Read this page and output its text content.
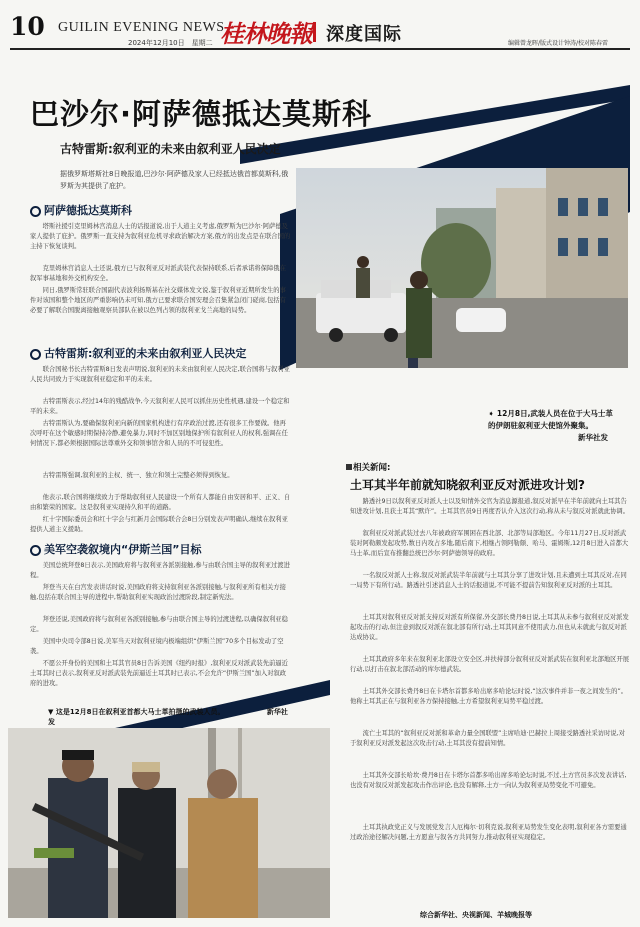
10 GUILIN EVENING NEWS
2024年12月10日　星期二 桂林晚報 深度国际	编辑曾龙晖/版式设计钟涛/校对陈春雷
巴沙尔·阿萨德抵达莫斯科
古特雷斯:叙利亚的未来由叙利亚人民决定
据俄罗斯塔斯社8日晚报道,巴沙尔·阿萨德及家人已经抵达俄首都莫斯科,俄罗斯为其提供了庇护。
阿萨德抵达莫斯科

塔斯社援引克里姆林宫消息人士的话报道说,出于人道主义考虑,俄罗斯为巴沙尔·阿萨德及家人提供了庇护。俄罗斯一直支持为叙利亚危机寻求政治解决方案,俄方的出发点是在联合国的主持下恢复谈判。

克里姆林宫消息人士还说,俄方已与叙利亚反对派武装代表保持联系,后者承诺将保障俄在叙军事基地和外交机构安全。

同日,俄罗斯常驻联合国副代表波利扬斯基在社交媒体发文说,鉴于叙利亚近期所发生的事件对该国和整个地区的严重影响仍未可知,俄方已要求联合国安理会召集紧急闭门磋商,包括有必要了解联合国脱离接触观察员部队在被以色列占领的叙利亚戈兰高地的局势。

古特雷斯:叙利亚的未来由叙利亚人民决定

联合国秘书长古特雷斯8日发表声明说,叙利亚的未来由叙利亚人民决定,联合国将与叙利亚人民共同致力于实现叙利亚稳定和平的未来。

古特雷斯表示,经过14年的残酷战争,今天叙利亚人民可以抓住历史性机遇,建设一个稳定和平的未来。

古特雷斯认为,要确保叙利亚向新的国家机构进行有序政治过渡,还有很多工作要做。他再次呼吁在这个敏感时期保持冷静,避免暴力,同时不加区别地保护所有叙利亚人的权利,强调在任何情况下,都必须根据国际法尊重外交和领事馆舍和人员的不可侵犯性。

古特雷斯强调,叙利亚的主权、统一、独立和领土完整必须得到恢复。

他表示,联合国将继续致力于帮助叙利亚人民建设一个所有人都能自由安居和平、正义、自由和繁荣的国家。这是叙利亚实现持久和平的道路。

红十字国际委员会和红十字会与红新月会国际联合会8日分别发表声明确认,继续在叙利亚提供人道主义援助。

美军空袭叙境内“伊斯兰国”目标

美国总统拜登8日表示,美国政府将与叙利亚各派别接触,参与由联合国主导的叙利亚过渡进程。

拜登当天在白宫发表讲话时说,美国政府将支持叙利亚各派别接触,与叙利亚所有相关方接触,包括在联合国主导的进程中,帮助叙利亚实现政治过渡阶段,制定新宪法。

拜登还说,美国政府将与叙利亚各派别接触,参与由联合国主导的过渡进程,以确保叙利亚稳定。

美国中央司令部8日说,美军当天对叙利亚境内极端组织“伊斯兰国”70多个目标发动了空袭。

不愿公开身份的美国和土耳其官员8日告诉美国《纽约时报》,叙利亚反对派武装先前逼近土耳其时已表示,叙利亚反对派武装先前逼近土耳其时已表示,不会允许“伊斯兰国”加入对叙政府的进攻。

➧ 12月8日,武装人员在位于大马士革的伊朗驻叙利亚大使馆外聚集。
新华社发
▼ 这是12月8日在叙利亚首都大马士革拍摄的武装人员。	新华社发
相关新闻:
土耳其半年前就知晓叙利亚反对派进攻计划?

路透社9日以叙利亚反对派人士以及知情外交官为消息源报道,叙反对派早在半年前就向土耳其告知进攻计划,且获土耳其“默许”。土耳其官员9日再度否认介入这次行动,称从未与叙反对派就此协调。

叙利亚反对派武装过去八年被政府军围困在西北部、北部等局部地区。今年11月27日,反对派武装对阿勒颇发起攻势,数日内攻占多地,随后南下,相继占领阿勒颇、哈马、霍姆斯,12月8日进入首都大马士革,而后宣布推翻总统巴沙尔·阿萨德领导的政府。

一名叙反对派人士称,叙反对派武装半年前就与土耳其分享了进攻计划,且未遭到土耳其反对,在同一局势下有所行动。路透社引述消息人士的话报道说,不可能不提前告知叙利亚反对派的土耳其。

土耳其对叙利亚反对派支持反对派有所保留,外交部长费丹8日说,土耳其从未参与叙利亚反对派发起攻击的行动,但注意到叙反对派在叙北部有所行动,土耳其同意不使用武力,但也从未就此与叙反对派达成协议。

土耳其政府多年来在叙利亚北部设立安全区,并扶持部分叙利亚反对派武装在叙利亚北部地区开展行动,以打击在叙北部活动的库尔德武装。

土耳其外交部长费丹8日在卡塔尔首都多哈出席多哈论坛时说,“这次事件并非一夜之间发生的”。他称土耳其正在与叙利亚各方保持接触,土方希望叙利亚局势平稳过渡。

流亡土耳其的“叙利亚反对派和革命力量全国联盟”主席哈迪·巴赫拉上周接受路透社采访时说,对于叙利亚反对派发起这次攻击行动,土耳其没有提前知情。

土耳其外交部长哈坎·费丹8日在卡塔尔首都多哈出席多哈论坛时说,不过,土方官员多次发表讲话,也没有对叙反对派发起攻击作出评论,也没有解释,土方一向认为叙利亚局势变化不可避免。

土耳其执政党正义与发展党发言人厄梅尔·切利克说,叙利亚局势发生变化表明,叙利亚各方需要通过政治途径解决问题,土方愿意与叙各方共同努力,推动叙利亚实现稳定。

综合新华社、央视新闻、羊城晚报等
